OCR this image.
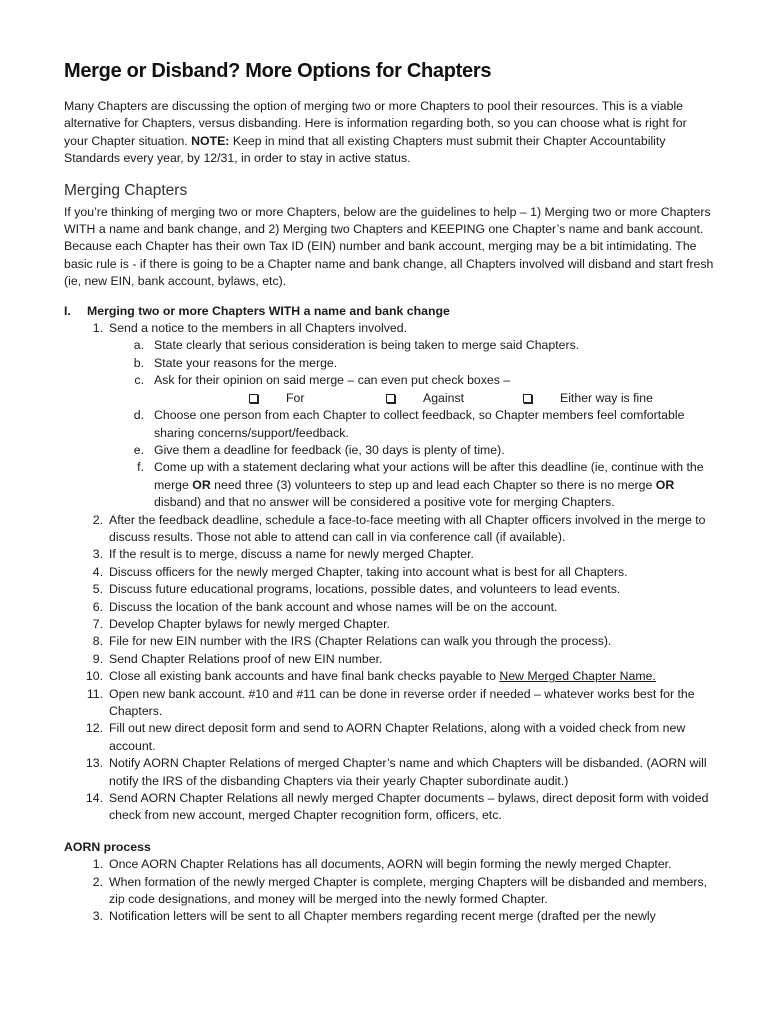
Merge or Disband? More Options for Chapters

Many Chapters are discussing the option of merging two or more Chapters to pool their resources. This is a viable alternative for Chapters, versus disbanding. Here is information regarding both, so you can choose what is right for your Chapter situation. NOTE: Keep in mind that all existing Chapters must submit their Chapter Accountability Standards every year, by 12/31, in order to stay in active status.

Merging Chapters

If you’re thinking of merging two or more Chapters, below are the guidelines to help – 1) Merging two or more Chapters WITH a name and bank change, and 2) Merging two Chapters and KEEPING one Chapter’s name and bank account. Because each Chapter has their own Tax ID (EIN) number and bank account, merging may be a bit intimidating. The basic rule is - if there is going to be a Chapter name and bank change, all Chapters involved will disband and start fresh (ie, new EIN, bank account, bylaws, etc).

I.	Merging two or more Chapters WITH a name and bank change
1. Send a notice to the members in all Chapters involved.
a. State clearly that serious consideration is being taken to merge said Chapters.
b. State your reasons for the merge.
c. Ask for their opinion on said merge – can even put check boxes –
For	Against	Either way is fine
d. Choose one person from each Chapter to collect feedback, so Chapter members feel comfortable sharing concerns/support/feedback.
e. Give them a deadline for feedback (ie, 30 days is plenty of time).
f. Come up with a statement declaring what your actions will be after this deadline (ie, continue with the merge OR need three (3) volunteers to step up and lead each Chapter so there is no merge OR disband) and that no answer will be considered a positive vote for merging Chapters.
2. After the feedback deadline, schedule a face-to-face meeting with all Chapter officers involved in the merge to discuss results. Those not able to attend can call in via conference call (if available).
3. If the result is to merge, discuss a name for newly merged Chapter.
4. Discuss officers for the newly merged Chapter, taking into account what is best for all Chapters.
5. Discuss future educational programs, locations, possible dates, and volunteers to lead events.
6. Discuss the location of the bank account and whose names will be on the account.
7. Develop Chapter bylaws for newly merged Chapter.
8. File for new EIN number with the IRS (Chapter Relations can walk you through the process).
9. Send Chapter Relations proof of new EIN number.
10. Close all existing bank accounts and have final bank checks payable to New Merged Chapter Name.
11. Open new bank account. #10 and #11 can be done in reverse order if needed – whatever works best for the Chapters.
12. Fill out new direct deposit form and send to AORN Chapter Relations, along with a voided check from new account.
13. Notify AORN Chapter Relations of merged Chapter’s name and which Chapters will be disbanded. (AORN will notify the IRS of the disbanding Chapters via their yearly Chapter subordinate audit.)
14. Send AORN Chapter Relations all newly merged Chapter documents – bylaws, direct deposit form with voided check from new account, merged Chapter recognition form, officers, etc.
AORN process
1. Once AORN Chapter Relations has all documents, AORN will begin forming the newly merged Chapter.
2. When formation of the newly merged Chapter is complete, merging Chapters will be disbanded and members, zip code designations, and money will be merged into the newly formed Chapter.
3. Notification letters will be sent to all Chapter members regarding recent merge (drafted per the newly
